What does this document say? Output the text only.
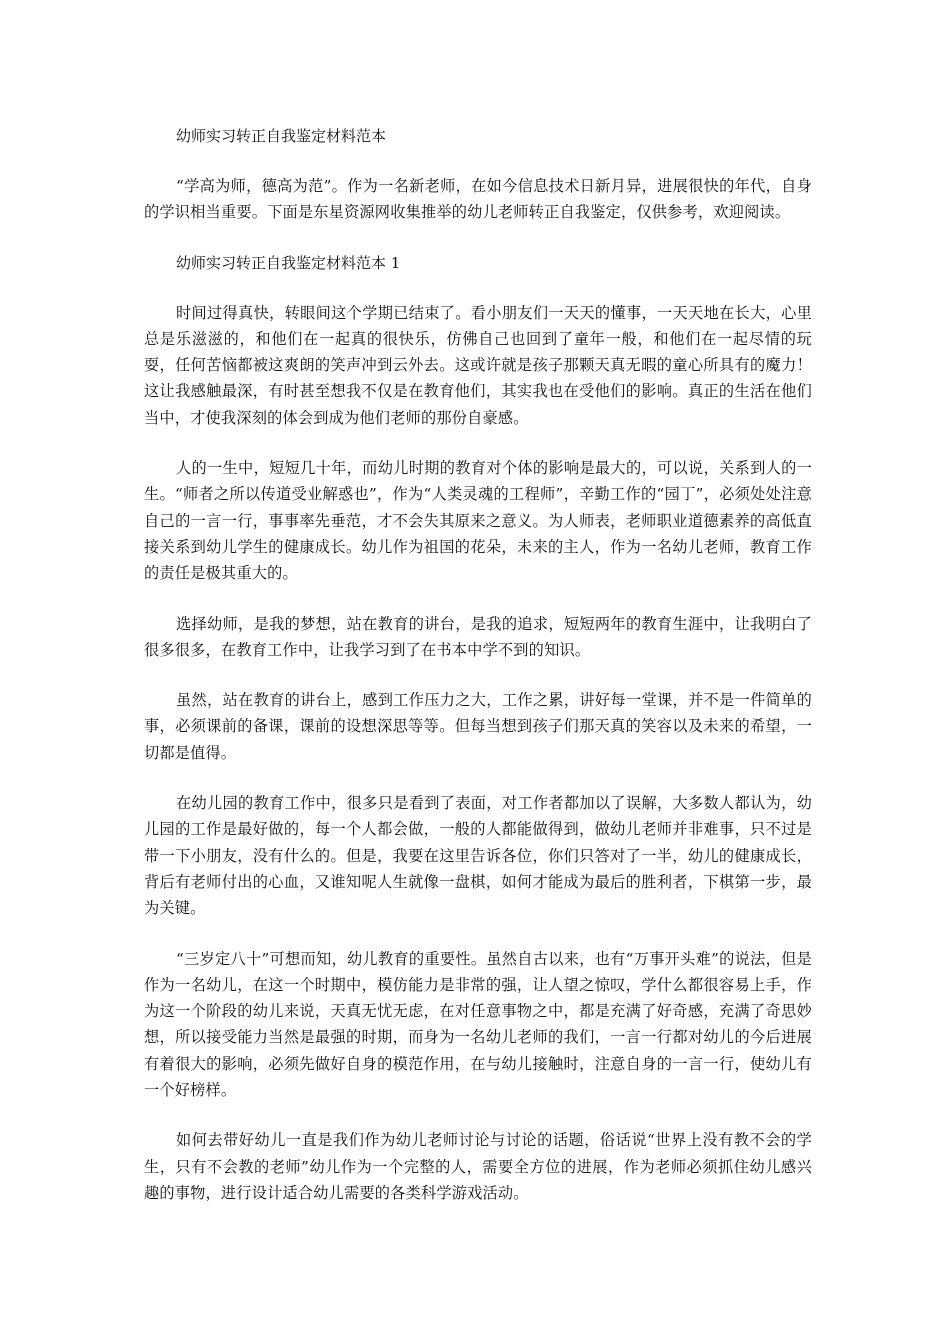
幼师实习转正自我鉴定材料范本

“学高为师，德高为范”。作为一名新老师，在如今信息技术日新月异，进展很快的年代，自身的学识相当重要。下面是东星资源网收集推举的幼儿老师转正自我鉴定，仅供参考，欢迎阅读。

幼师实习转正自我鉴定材料范本 1

时间过得真快，转眼间这个学期已结束了。看小朋友们一天天的懂事，一天天地在长大，心里总是乐滋滋的，和他们在一起真的很快乐，仿佛自己也回到了童年一般，和他们在一起尽情的玩耍，任何苦恼都被这爽朗的笑声冲到云外去。这或许就是孩子那颗天真无暇的童心所具有的魔力！这让我感触最深，有时甚至想我不仅是在教育他们，其实我也在受他们的影响。真正的生活在他们当中，才使我深刻的体会到成为他们老师的那份自豪感。

人的一生中，短短几十年，而幼儿时期的教育对个体的影响是最大的，可以说，关系到人的一生。“师者之所以传道受业解惑也”，作为“人类灵魂的工程师”，辛勤工作的“园丁”，必须处处注意自己的一言一行，事事率先垂范，才不会失其原来之意义。为人师表，老师职业道德素养的高低直接关系到幼儿学生的健康成长。幼儿作为祖国的花朵，未来的主人，作为一名幼儿老师，教育工作的责任是极其重大的。

选择幼师，是我的梦想，站在教育的讲台，是我的追求，短短两年的教育生涯中，让我明白了很多很多，在教育工作中，让我学习到了在书本中学不到的知识。

虽然，站在教育的讲台上，感到工作压力之大，工作之累，讲好每一堂课，并不是一件简单的事，必须课前的备课，课前的设想深思等等。但每当想到孩子们那天真的笑容以及未来的希望，一切都是值得。

在幼儿园的教育工作中，很多只是看到了表面，对工作者都加以了误解，大多数人都认为，幼儿园的工作是最好做的，每一个人都会做，一般的人都能做得到，做幼儿老师并非难事，只不过是带一下小朋友，没有什么的。但是，我要在这里告诉各位，你们只答对了一半，幼儿的健康成长，背后有老师付出的心血，又谁知呢人生就像一盘棋，如何才能成为最后的胜利者，下棋第一步，最为关键。

“三岁定八十”可想而知，幼儿教育的重要性。虽然自古以来，也有“万事开头难”的说法，但是作为一名幼儿，在这一个时期中，模仿能力是非常的强，让人望之惊叹，学什么都很容易上手，作为这一个阶段的幼儿来说，天真无忧无虑，在对任意事物之中，都是充满了好奇感，充满了奇思妙想，所以接受能力当然是最强的时期，而身为一名幼儿老师的我们，一言一行都对幼儿的今后进展有着很大的影响，必须先做好自身的模范作用，在与幼儿接触时，注意自身的一言一行，使幼儿有一个好榜样。

如何去带好幼儿一直是我们作为幼儿老师讨论与讨论的话题，俗话说“世界上没有教不会的学生，只有不会教的老师”幼儿作为一个完整的人，需要全方位的进展，作为老师必须抓住幼儿感兴趣的事物，进行设计适合幼儿需要的各类科学游戏活动。
